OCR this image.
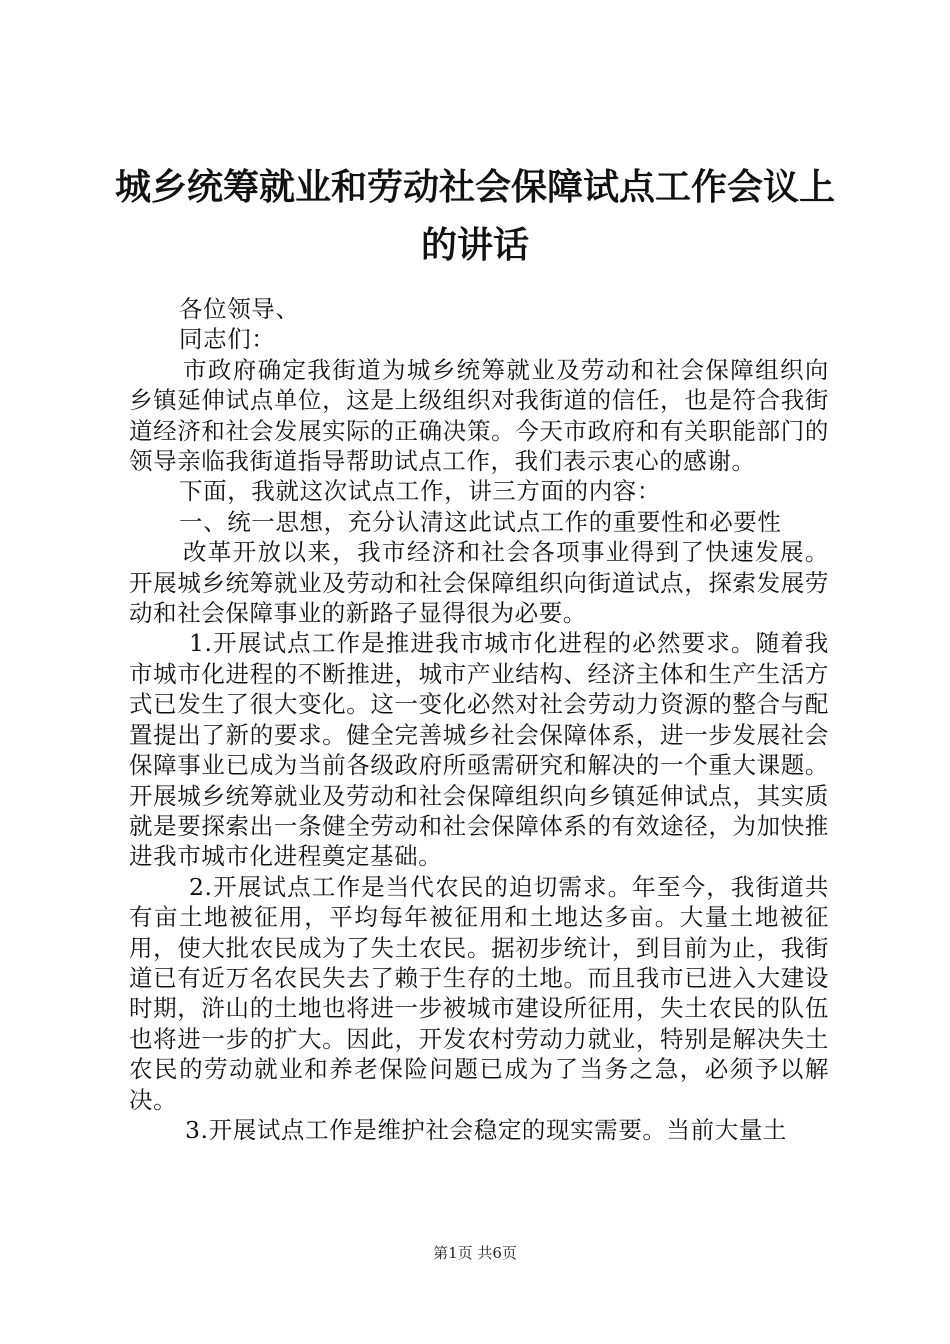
城乡统筹就业和劳动社会保障试点工作会议上的讲话

各位领导、

同志们：

市政府确定我街道为城乡统筹就业及劳动和社会保障组织向乡镇延伸试点单位，这是上级组织对我街道的信任，也是符合我街道经济和社会发展实际的正确决策。今天市政府和有关职能部门的领导亲临我街道指导帮助试点工作，我们表示衷心的感谢。

下面，我就这次试点工作，讲三方面的内容：

一、统一思想，充分认清这此试点工作的重要性和必要性

改革开放以来，我市经济和社会各项事业得到了快速发展。开展城乡统筹就业及劳动和社会保障组织向街道试点，探索发展劳动和社会保障事业的新路子显得很为必要。

1.开展试点工作是推进我市城市化进程的必然要求。随着我市城市化进程的不断推进，城市产业结构、经济主体和生产生活方式已发生了很大变化。这一变化必然对社会劳动力资源的整合与配置提出了新的要求。健全完善城乡社会保障体系，进一步发展社会保障事业已成为当前各级政府所亟需研究和解决的一个重大课题。开展城乡统筹就业及劳动和社会保障组织向乡镇延伸试点，其实质就是要探索出一条健全劳动和社会保障体系的有效途径，为加快推进我市城市化进程奠定基础。

2.开展试点工作是当代农民的迫切需求。年至今，我街道共有亩土地被征用，平均每年被征用和土地达多亩。大量土地被征用，使大批农民成为了失土农民。据初步统计，到目前为止，我街道已有近万名农民失去了赖于生存的土地。而且我市已进入大建设时期，浒山的土地也将进一步被城市建设所征用，失土农民的队伍也将进一步的扩大。因此，开发农村劳动力就业，特别是解决失土农民的劳动就业和养老保险问题已成为了当务之急，必须予以解决。

3.开展试点工作是维护社会稳定的现实需要。当前大量土

第1页 共6页
